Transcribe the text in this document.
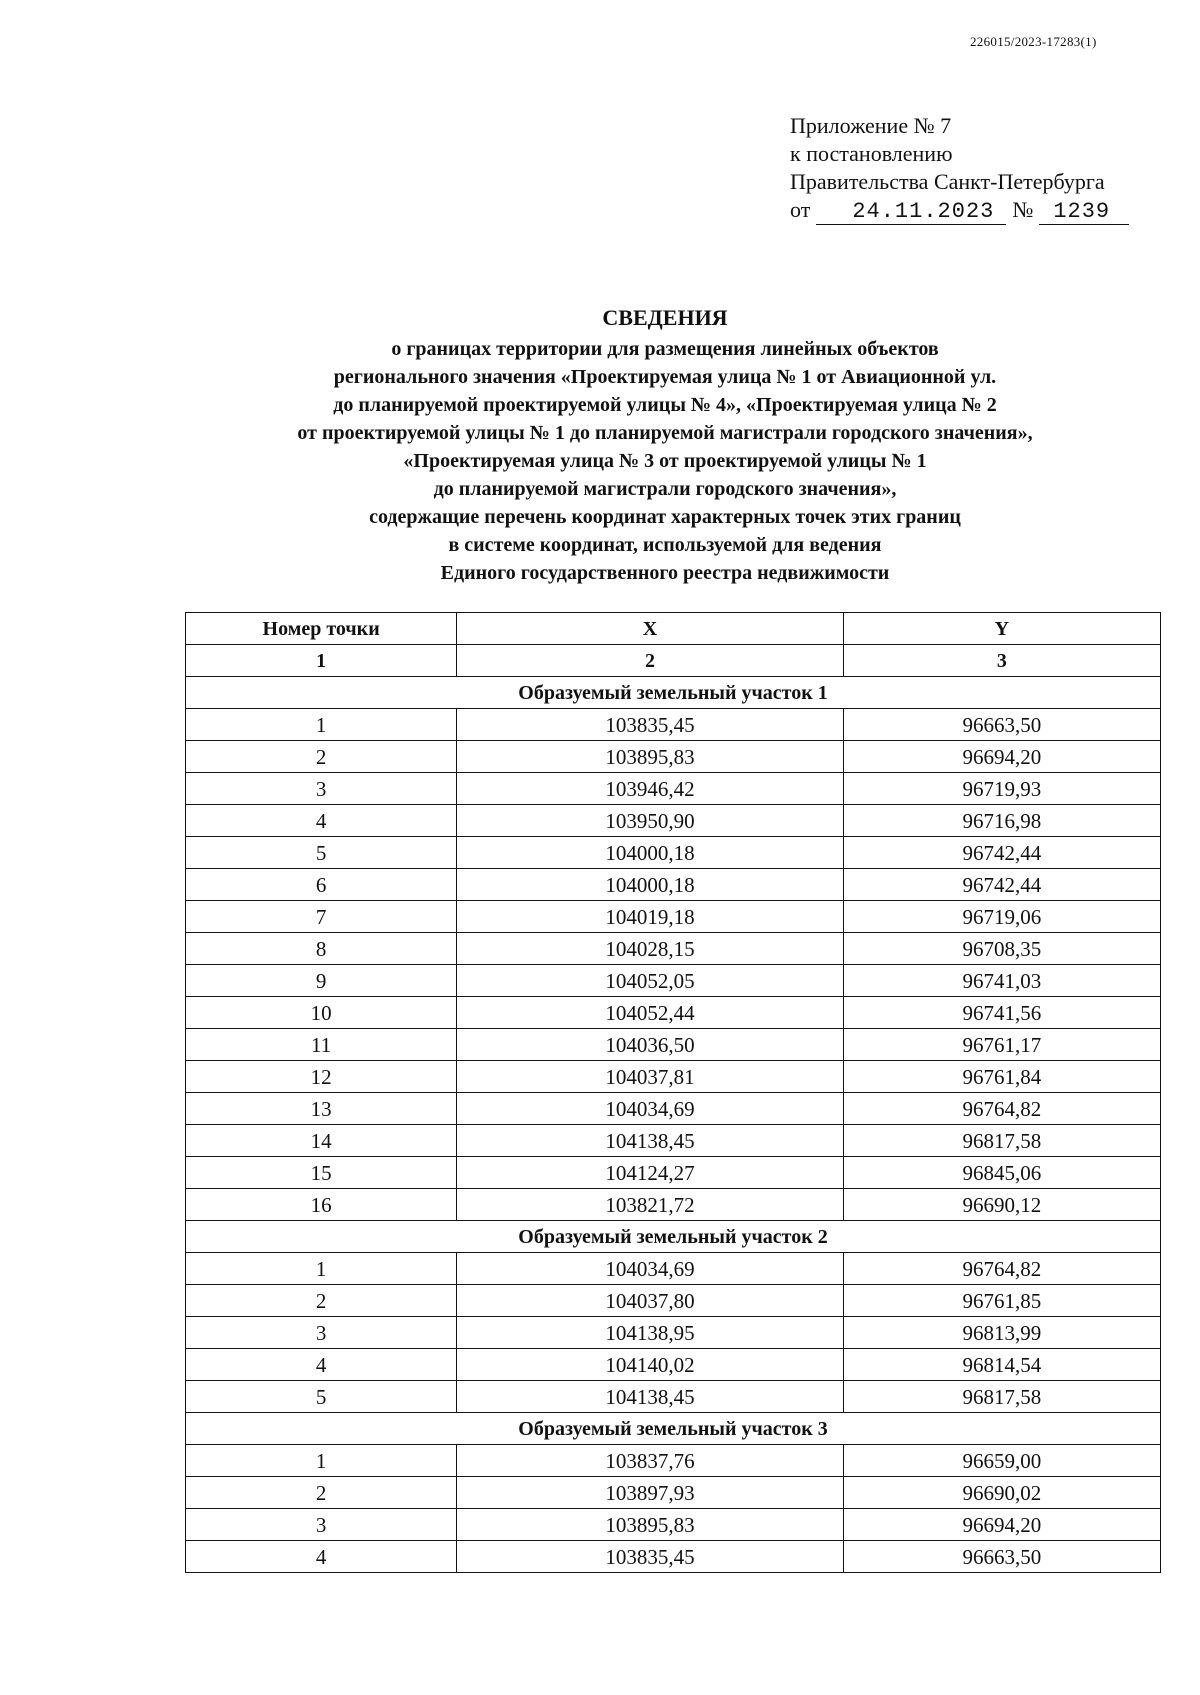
226015/2023-17283(1)
Приложение № 7
к постановлению
Правительства Санкт-Петербурга
от	24.11.2023 № 1239
СВЕДЕНИЯ
о границах территории для размещения линейных объектов
регионального значения «Проектируемая улица № 1 от Авиационной ул.
до планируемой проектируемой улицы № 4», «Проектируемая улица № 2
от проектируемой улицы № 1 до планируемой магистрали городского значения»,
«Проектируемая улица № 3 от проектируемой улицы № 1
до планируемой магистрали городского значения»,
содержащие перечень координат характерных точек этих границ
в системе координат, используемой для ведения
Единого государственного реестра недвижимости
Номер точки	X	Y
1	2	3
Образуемый земельный участок 1		
1	103835,45	96663,50
2	103895,83	96694,20
3	103946,42	96719,93
4	103950,90	96716,98
5	104000,18	96742,44
6	104000,18	96742,44
7	104019,18	96719,06
8	104028,15	96708,35
9	104052,05	96741,03
10	104052,44	96741,56
11	104036,50	96761,17
12	104037,81	96761,84
13	104034,69	96764,82
14	104138,45	96817,58
15	104124,27	96845,06
16	103821,72	96690,12
Образуемый земельный участок 2		
1	104034,69	96764,82
2	104037,80	96761,85
3	104138,95	96813,99
4	104140,02	96814,54
5	104138,45	96817,58
Образуемый земельный участок 3		
1	103837,76	96659,00
2	103897,93	96690,02
3	103895,83	96694,20
4	103835,45	96663,50
